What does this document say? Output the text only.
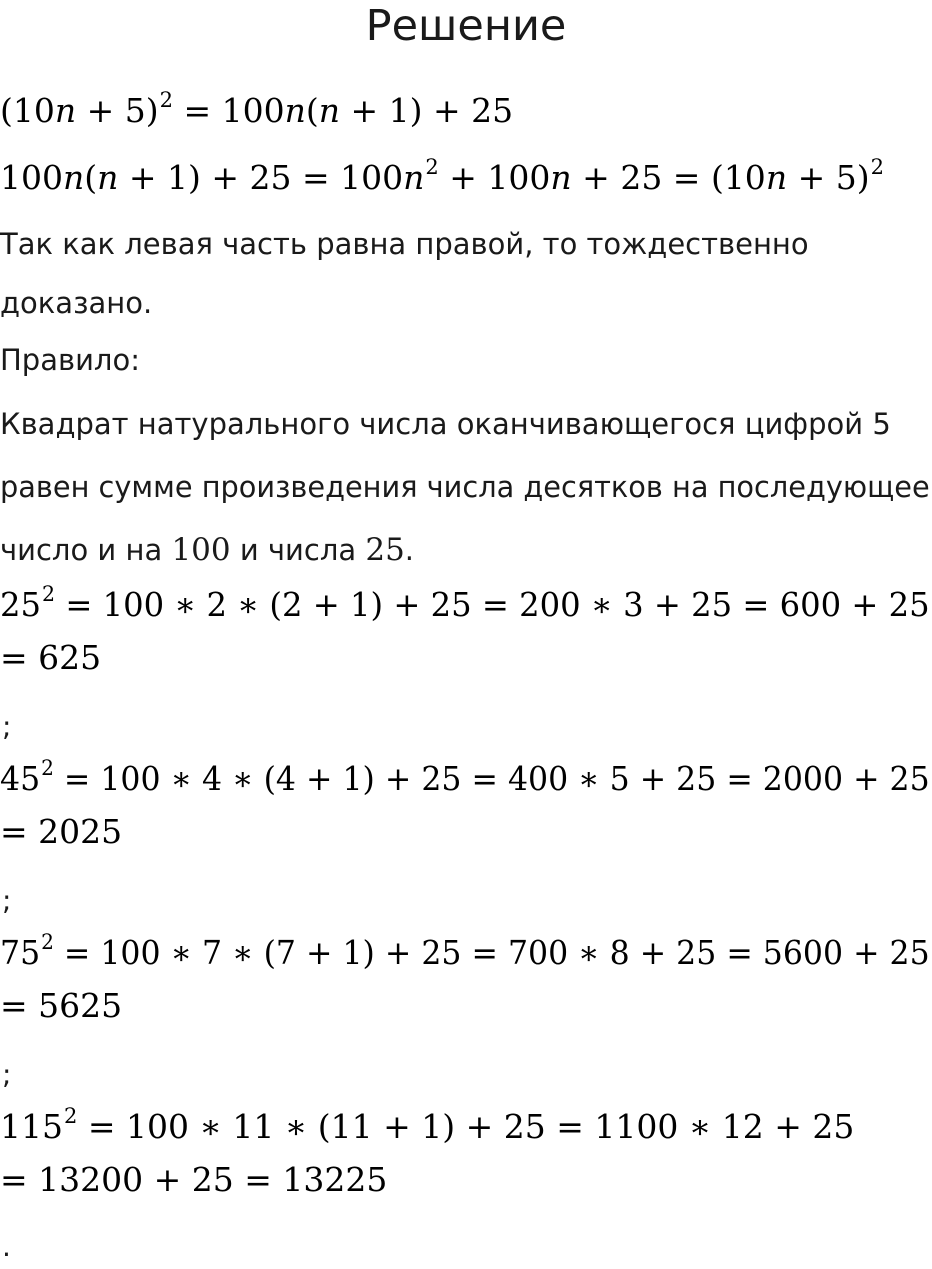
Решение
$(10n + 5)^2 = 100n(n + 1) + 25$
$100n(n + 1) + 25 = 100n^2 + 100n + 25 = (10n + 5)^2$
Так как левая часть равна правой, то тождественно
доказано.
Правило:
Квадрат натурального числа оканчивающегося цифрой 5
равен сумме произведения числа десятков на последующее
число и на 100 и числа 25.
$25^2 = 100$ ∗ 2 ∗ (2 + 1) + 25 = 200 ∗ 3 + 25 = 600 + 25
= 625
;
$45^2 = 100$ ∗ 4 ∗ (4 + 1) + 25 = 400 ∗ 5 + 25 = 2000 + 25
= 2025
;
$75^2 = 100$ ∗ 7 ∗ (7 + 1) + 25 = 700 ∗ 8 + 25 = 5600 + 25
= 5625
;
$115^2 = 100$ ∗ 11 ∗ (11 + 1) + 25 = 1100 ∗ 12 + 25
= 13200 + 25 = 13225
.
